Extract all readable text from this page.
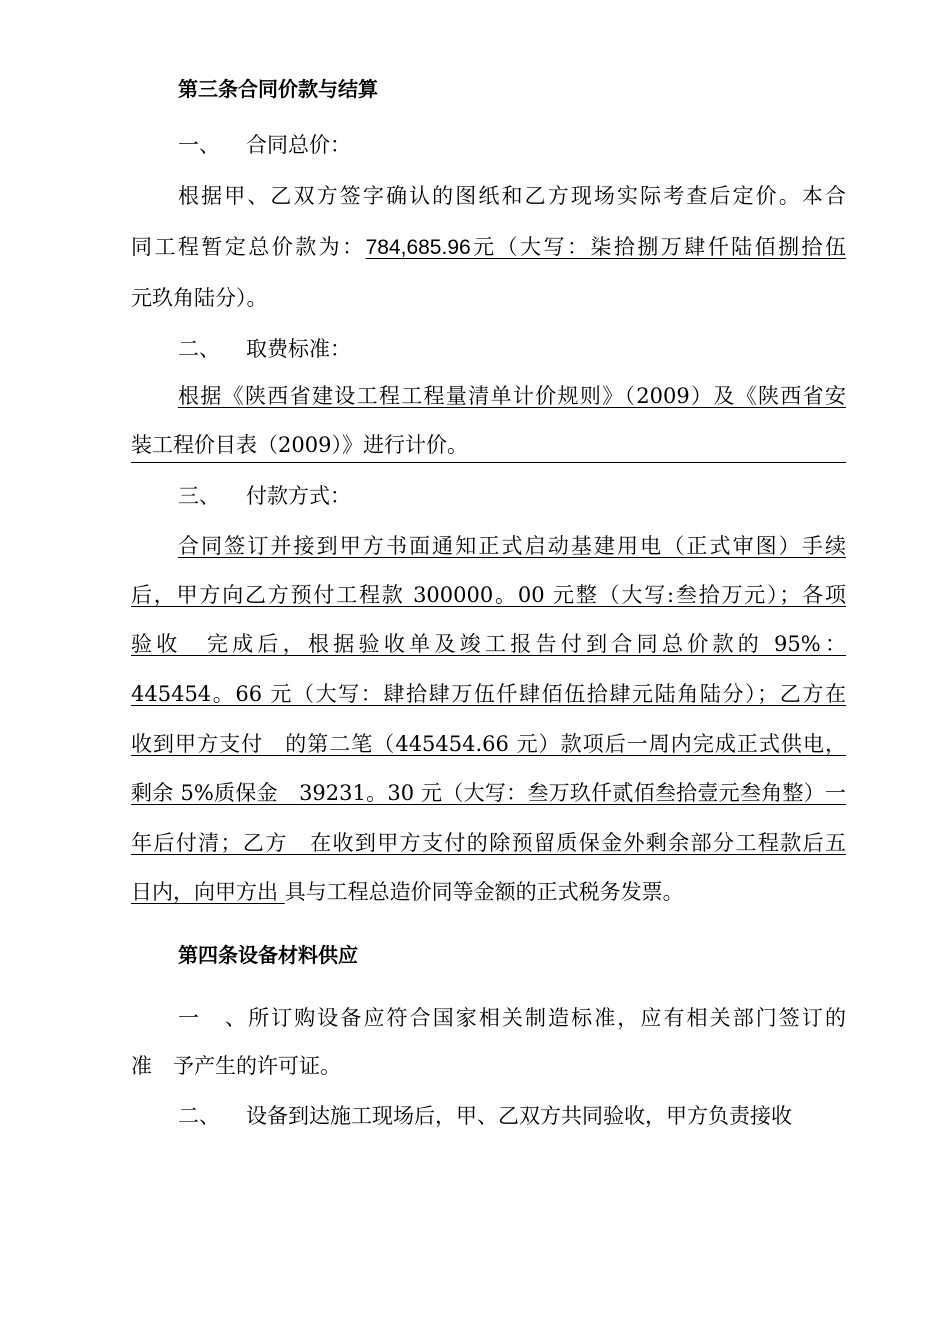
第三条合同价款与结算
一、 合同总价：
根据甲、乙双方签字确认的图纸和乙方现场实际考查后定价。本合
同工程暂定总价款为：784,685.96元（大写：柒拾捌万肆仟陆佰捌拾伍
元玖角陆分）。
二、 取费标准：
根据《陕西省建设工程工程量清单计价规则》（2009）及《陕西省安
装工程价目表（2009）》进行计价。
三、 付款方式：
合同签订并接到甲方书面通知正式启动基建用电（正式审图）手续
后，甲方向乙方预付工程款 300000。00 元整（大写:叁拾万元）；各项
验收　完成后，根据验收单及竣工报告付到合同总价款的 95%：
445454。66 元（大写：肆拾肆万伍仟肆佰伍拾肆元陆角陆分）；乙方在
收到甲方支付　的第二笔（445454.66 元）款项后一周内完成正式供电，
剩余 5%质保金　39231。30 元（大写：叁万玖仟贰佰叁拾壹元叁角整）一
年后付清；乙方　在收到甲方支付的除预留质保金外剩余部分工程款后五
日内，向甲方出 具与工程总造价同等金额的正式税务发票。
第四条设备材料供应
一、所订购设备应符合国家相关制造标准，应有相关部门签订的
准　予产生的许可证。
二、 设备到达施工现场后，甲、乙双方共同验收，甲方负责接收
